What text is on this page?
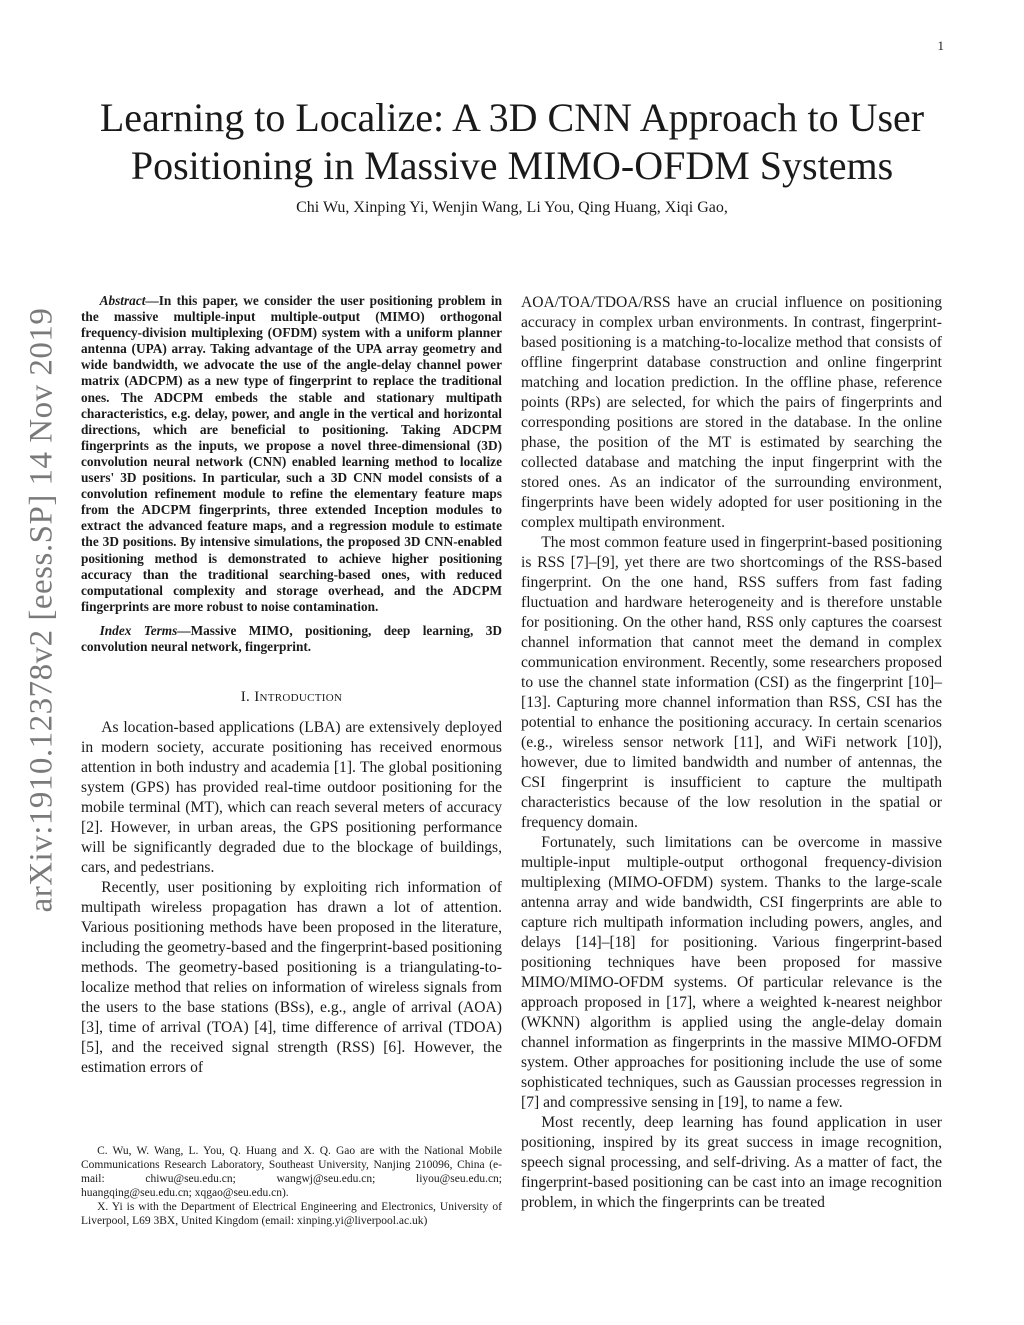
1
arXiv:1910.12378v2 [eess.SP] 14 Nov 2019
Learning to Localize: A 3D CNN Approach to User
Positioning in Massive MIMO-OFDM Systems
Chi Wu, Xinping Yi, Wenjin Wang, Li You, Qing Huang, Xiqi Gao,

Abstract—In this paper, we consider the user positioning problem in the massive multiple-input multiple-output (MIMO) orthogonal frequency-division multiplexing (OFDM) system with a uniform planner antenna (UPA) array. Taking advantage of the UPA array geometry and wide bandwidth, we advocate the use of the angle-delay channel power matrix (ADCPM) as a new type of fingerprint to replace the traditional ones. The ADCPM embeds the stable and stationary multipath characteristics, e.g. delay, power, and angle in the vertical and horizontal directions, which are beneficial to positioning. Taking ADCPM fingerprints as the inputs, we propose a novel three-dimensional (3D) convolution neural network (CNN) enabled learning method to localize users' 3D positions. In particular, such a 3D CNN model consists of a convolution refinement module to refine the elementary feature maps from the ADCPM fingerprints, three extended Inception modules to extract the advanced feature maps, and a regression module to estimate the 3D positions. By intensive simulations, the proposed 3D CNN-enabled positioning method is demonstrated to achieve higher positioning accuracy than the traditional searching-based ones, with reduced computational complexity and storage overhead, and the ADCPM fingerprints are more robust to noise contamination.

Index Terms—Massive MIMO, positioning, deep learning, 3D convolution neural network, fingerprint.

I. Introduction

As location-based applications (LBA) are extensively deployed in modern society, accurate positioning has received enormous attention in both industry and academia [1]. The global positioning system (GPS) has provided real-time outdoor positioning for the mobile terminal (MT), which can reach several meters of accuracy [2]. However, in urban areas, the GPS positioning performance will be significantly degraded due to the blockage of buildings, cars, and pedestrians.

Recently, user positioning by exploiting rich information of multipath wireless propagation has drawn a lot of attention. Various positioning methods have been proposed in the literature, including the geometry-based and the fingerprint-based positioning methods. The geometry-based positioning is a triangulating-to-localize method that relies on information of wireless signals from the users to the base stations (BSs), e.g., angle of arrival (AOA) [3], time of arrival (TOA) [4], time difference of arrival (TDOA) [5], and the received signal strength (RSS) [6]. However, the estimation errors of

AOA/TOA/TDOA/RSS have an crucial influence on positioning accuracy in complex urban environments. In contrast, fingerprint-based positioning is a matching-to-localize method that consists of offline fingerprint database construction and online fingerprint matching and location prediction. In the offline phase, reference points (RPs) are selected, for which the pairs of fingerprints and corresponding positions are stored in the database. In the online phase, the position of the MT is estimated by searching the collected database and matching the input fingerprint with the stored ones. As an indicator of the surrounding environment, fingerprints have been widely adopted for user positioning in the complex multipath environment.

The most common feature used in fingerprint-based positioning is RSS [7]–[9], yet there are two shortcomings of the RSS-based fingerprint. On the one hand, RSS suffers from fast fading fluctuation and hardware heterogeneity and is therefore unstable for positioning. On the other hand, RSS only captures the coarsest channel information that cannot meet the demand in complex communication environment. Recently, some researchers proposed to use the channel state information (CSI) as the fingerprint [10]–[13]. Capturing more channel information than RSS, CSI has the potential to enhance the positioning accuracy. In certain scenarios (e.g., wireless sensor network [11], and WiFi network [10]), however, due to limited bandwidth and number of antennas, the CSI fingerprint is insufficient to capture the multipath characteristics because of the low resolution in the spatial or frequency domain.

Fortunately, such limitations can be overcome in massive multiple-input multiple-output orthogonal frequency-division multiplexing (MIMO-OFDM) system. Thanks to the large-scale antenna array and wide bandwidth, CSI fingerprints are able to capture rich multipath information including powers, angles, and delays [14]–[18] for positioning. Various fingerprint-based positioning techniques have been proposed for massive MIMO/MIMO-OFDM systems. Of particular relevance is the approach proposed in [17], where a weighted k-nearest neighbor (WKNN) algorithm is applied using the angle-delay domain channel information as fingerprints in the massive MIMO-OFDM system. Other approaches for positioning include the use of some sophisticated techniques, such as Gaussian processes regression in [7] and compressive sensing in [19], to name a few.

Most recently, deep learning has found application in user positioning, inspired by its great success in image recognition, speech signal processing, and self-driving. As a matter of fact, the fingerprint-based positioning can be cast into an image recognition problem, in which the fingerprints can be treated

C. Wu, W. Wang, L. You, Q. Huang and X. Q. Gao are with the National Mobile Communications Research Laboratory, Southeast University, Nanjing 210096, China (e-mail: chiwu@seu.edu.cn; wangwj@seu.edu.cn; liyou@seu.edu.cn; huangqing@seu.edu.cn; xqgao@seu.edu.cn).

X. Yi is with the Department of Electrical Engineering and Electronics, University of Liverpool, L69 3BX, United Kingdom (email: xinping.yi@liverpool.ac.uk)
